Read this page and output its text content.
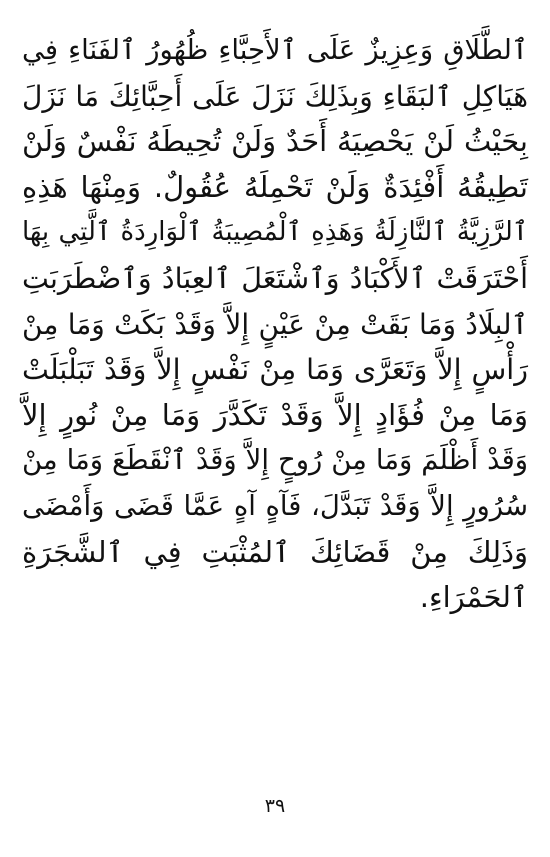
ٱلطَّلَاقِ وَعِزِيزٌ عَلَى ٱلأَحِبَّاءِ ظُهُورُ ٱلفَنَاءِ فِي
هَيَاكِلِ ٱلبَقَاءِ وَبِذَلِكَ نَزَلَ عَلَى أَحِبَّائِكَ مَا نَزَلَ
بِحَيْثُ لَنْ يَحْصِيَهُ أَحَدٌ وَلَنْ تُحِيطَهُ نَفْسٌ وَلَنْ
تَطِيقُهُ أَفْئِدَةٌ وَلَنْ تَحْمِلَهُ عُقُولٌ. وَمِنْهَا هَذِهِ
ٱلرَّزِيَّةُ ٱلنَّازِلَةُ وَهَذِهِ ٱلْمُصِيبَةُ ٱلْوَارِدَةُ ٱلَّتِي بِهَا
أَحْتَرَقَتْ ٱلأَكْبَادُ وَٱشْتَعَلَ ٱلعِبَادُ وَٱضْطَرَبَتِ
ٱلبِلَادُ وَمَا بَقَتْ مِنْ عَيْنٍ إِلاَّ وَقَدْ بَكَتْ وَمَا مِنْ
رَأْسٍ إِلاَّ وَتَعَرَّى وَمَا مِنْ نَفْسٍ إِلاَّ وَقَدْ تَبَلْبَلَتْ
وَمَا مِنْ فُؤَادٍ إِلاَّ وَقَدْ تَكَدَّرَ وَمَا مِنْ نُورٍ إِلاَّ
وَقَدْ أَظْلَمَ وَمَا مِنْ رُوحٍ إِلاَّ وَقَدْ ٱنْقَطَعَ وَمَا مِنْ
سُرُورٍ إِلاَّ وَقَدْ تَبَدَّلَ، فَآهٍ آهٍ عَمَّا قَضَى وَأَمْضَى
وَذَلِكَ مِنْ قَضَائِكَ ٱلمُثْبَتِ فِي ٱلشَّجَرَةِ
ٱلحَمْرَاءِ.
٣٩
